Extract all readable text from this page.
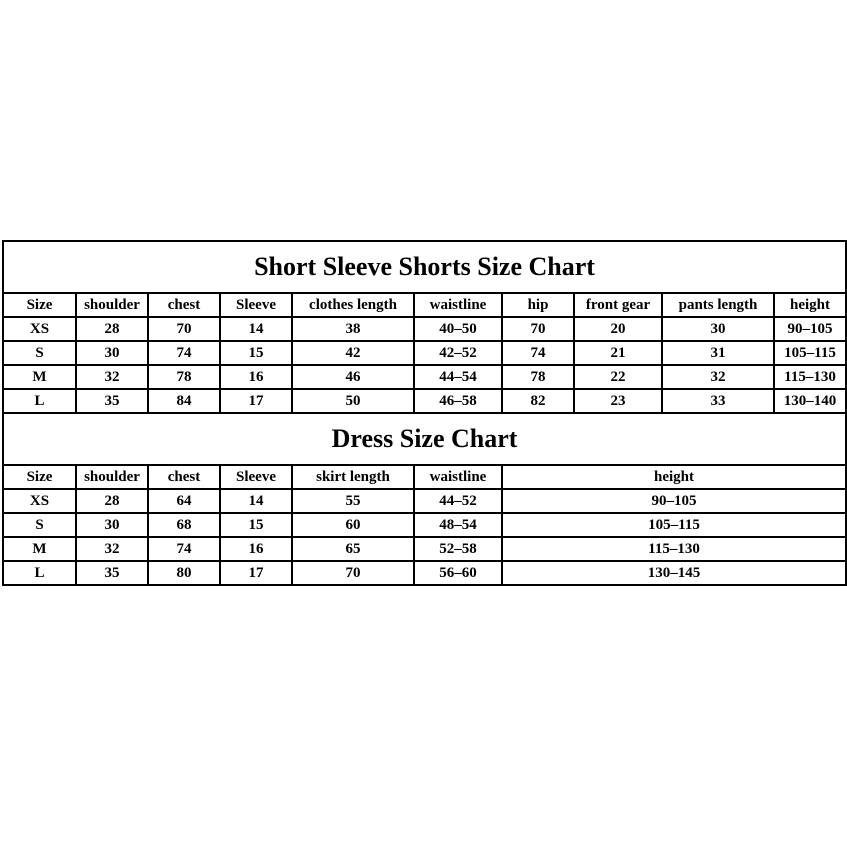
Short Sleeve Shorts Size Chart									
Size	shoulder	chest	Sleeve	clothes length	waistline	hip	front gear	pants length	height
XS	28	70	14	38	40–50	70	20	30	90–105
S	30	74	15	42	42–52	74	21	31	105–115
M	32	78	16	46	44–54	78	22	32	115–130
L	35	84	17	50	46–58	82	23	33	130–140
Dress Size Chart									
Size	shoulder	chest	Sleeve	skirt length	waistline	height			
XS	28	64	14	55	44–52	90–105			
S	30	68	15	60	48–54	105–115			
M	32	74	16	65	52–58	115–130			
L	35	80	17	70	56–60	130–145			
